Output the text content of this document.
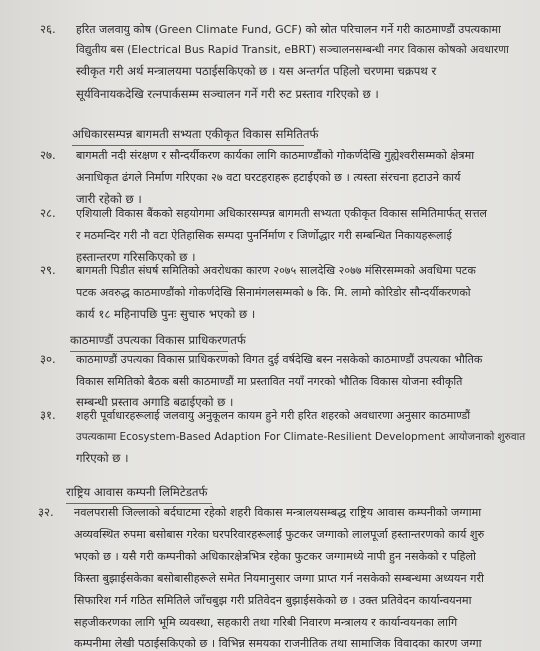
२६. हरित जलवायु कोष (Green Climate Fund, GCF) को स्रोत परिचालन गर्ने गरी काठमाण्डौं उपत्यकामा
विद्युतीय बस (Electrical Bus Rapid Transit, eBRT) सञ्चालनसम्बन्धी नगर विकास कोषको अवधारणा
स्वीकृत गरी अर्थ मन्त्रालयमा पठाईसकिएको छ । यस अन्तर्गत पहिलो चरणमा चक्रपथ र
सूर्यविनायकदेखि रत्नपार्कसम्म सञ्चालन गर्ने गरी रुट प्रस्ताव गरिएको छ ।
अधिकारसम्पन्न बागमती सभ्यता एकीकृत विकास समितितर्फ
२७. बागमती नदी संरक्षण र सौन्दर्यीकरण कार्यका लागि काठमाण्डौंको गोकर्णदेखि गुह्येश्वरीसम्मको क्षेत्रमा
अनाधिकृत ढंगले निर्माण गरिएका २७ वटा घरटहराहरू हटाईएको छ । त्यस्ता संरचना हटाउने कार्य
जारी रहेको छ ।
२८. एशियाली विकास बैंकको सहयोगमा अधिकारसम्पन्न बागमती सभ्यता एकीकृत विकास समितिमार्फत् सत्तल
र मठमन्दिर गरी नौ वटा ऐतिहासिक सम्पदा पुनर्निर्माण र जिर्णोद्धार गरी सम्बन्धित निकायहरूलाई
हस्तान्तरण गरिसकिएको छ ।
२९. बागमती पिडीत संघर्ष समितिको अवरोधका कारण २०७५ सालदेखि २०७७ मंसिरसम्मको अवधिमा पटक
पटक अवरुद्ध काठमाण्डौंको गोकर्णदेखि सिनामंगलसम्मको ७ कि. मि. लामो कोरिडोर सौन्दर्यीकरणको
कार्य १८ महिनापछि पुनः सुचारु भएको छ ।
काठमाण्डौं उपत्यका विकास प्राधिकरणतर्फ
३०. काठमाण्डौं उपत्यका विकास प्राधिकरणको विगत दुई वर्षदेखि बस्न नसकेको काठमाण्डौं उपत्यका भौतिक
विकास समितिको बैठक बसी काठमाण्डौं मा प्रस्तावित नयाँ नगरको भौतिक विकास योजना स्वीकृति
सम्बन्धी प्रस्ताव अगाडि बढाईएको छ ।
३१. शहरी पूर्वाधारहरूलाई जलवायु अनुकूलन कायम हुने गरी हरित शहरको अवधारणा अनुसार काठमाण्डौं
उपत्यकामा Ecosystem-Based Adaption For Climate-Resilient Development आयोजनाको शुरुवात
गरिएको छ ।
राष्ट्रिय आवास कम्पनी लिमिटेडतर्फ
३२. नवलपरासी जिल्लाको बर्दघाटमा रहेको शहरी विकास मन्त्रालयसम्बद्ध राष्ट्रिय आवास कम्पनीको जग्गामा
अव्यवस्थित रुपमा बसोबास गरेका घरपरिवारहरूलाई फुटकर जग्गाको लालपूर्जा हस्तान्तरणको कार्य शुरु
भएको छ । यसै गरी कम्पनीको अधिकारक्षेत्रभित्र रहेका फुटकर जग्गामध्ये नापी हुन नसकेको र पहिलो
किस्ता बुझाईसकेका बसोबासीहरूले समेत नियमानुसार जग्गा प्राप्त गर्न नसकेको सम्बन्धमा अध्ययन गरी
सिफारिश गर्न गठित समितिले जाँचबुझ गरी प्रतिवेदन बुझाईसकेको छ । उक्त प्रतिवेदन कार्यान्वयनमा
सहजीकरणका लागि भूमि व्यवस्था, सहकारी तथा गरिबी निवारण मन्त्रालय र कार्यान्वयनका लागि
कम्पनीमा लेखी पठाईसकिएको छ । विभिन्न समयका राजनीतिक तथा सामाजिक विवादका कारण जग्गा
